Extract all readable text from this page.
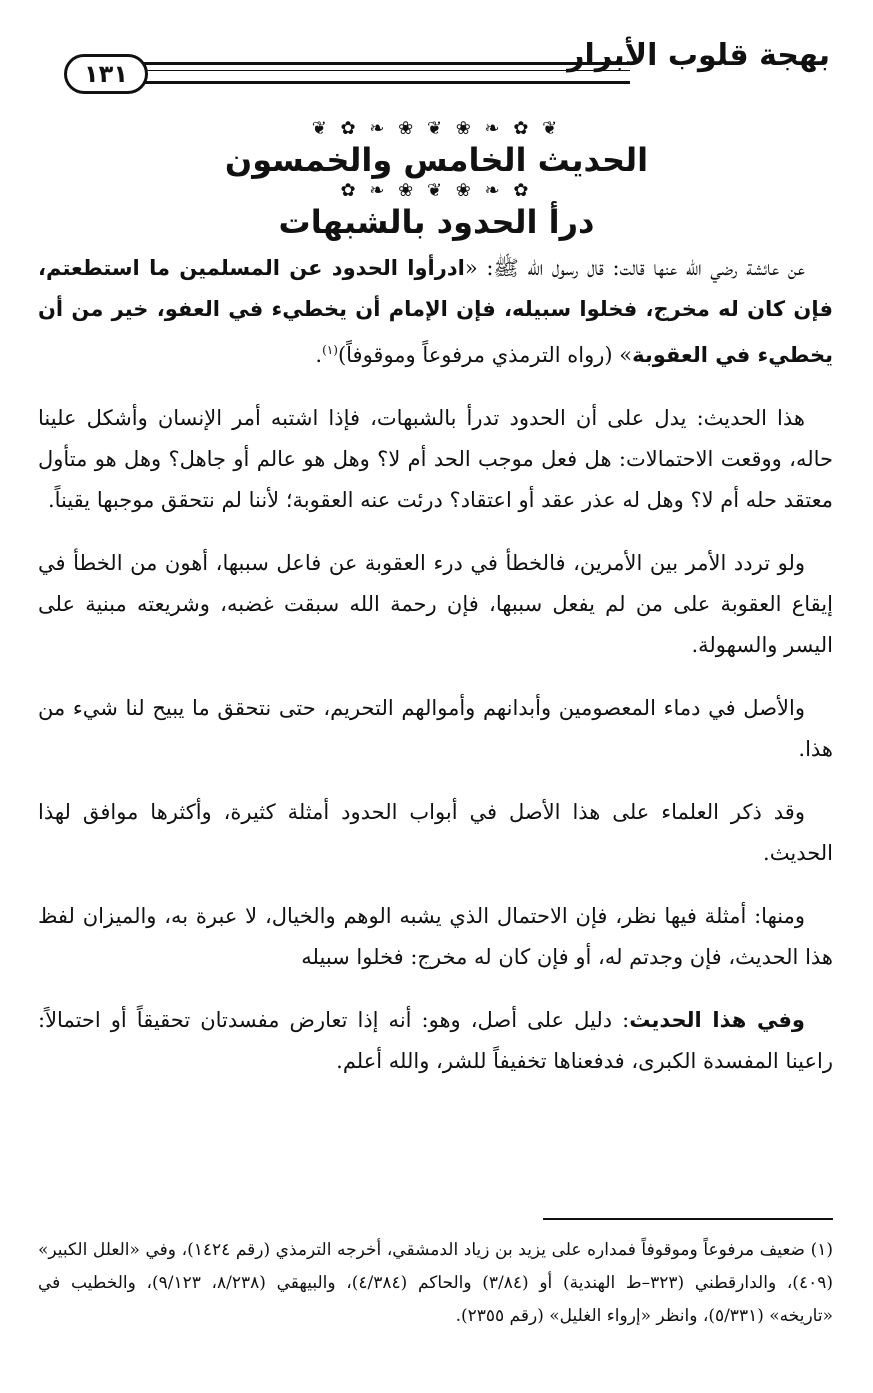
١٣١
بهجة قلوب الأبرار
❦ ✿ ❧ ❀ ❦ ❀ ❧ ✿ ❦
الحديث الخامس والخمسون
✿ ❧ ❀ ❦ ❀ ❧ ✿
درأ الحدود بالشبهات

عن عائشة رضي الله عنها قالت: قال رسول الله ﷺ: «ادرأوا الحدود عن المسلمين ما استطعتم، فإن كان له مخرج، فخلوا سبيله، فإن الإمام أن يخطيء في العفو، خير من أن يخطيء في العقوبة» (رواه الترمذي مرفوعاً وموقوفاً)$^{(١)}$.

هذا الحديث: يدل على أن الحدود تدرأ بالشبهات، فإذا اشتبه أمر الإنسان وأشكل علينا حاله، ووقعت الاحتمالات: هل فعل موجب الحد أم لا؟ وهل هو عالم أو جاهل؟ وهل هو متأول معتقد حله أم لا؟ وهل له عذر عقد أو اعتقاد؟ درئت عنه العقوبة؛ لأننا لم نتحقق موجبها يقيناً.

ولو تردد الأمر بين الأمرين، فالخطأ في درء العقوبة عن فاعل سببها، أهون من الخطأ في إيقاع العقوبة على من لم يفعل سببها، فإن رحمة الله سبقت غضبه، وشريعته مبنية على اليسر والسهولة.

والأصل في دماء المعصومين وأبدانهم وأموالهم التحريم، حتى نتحقق ما يبيح لنا شيء من هذا.

وقد ذكر العلماء على هذا الأصل في أبواب الحدود أمثلة كثيرة، وأكثرها موافق لهذا الحديث.

ومنها: أمثلة فيها نظر، فإن الاحتمال الذي يشبه الوهم والخيال، لا عبرة به، والميزان لفظ هذا الحديث، فإن وجدتم له، أو فإن كان له مخرج: فخلوا سبيله

وفي هذا الحديث: دليل على أصل، وهو: أنه إذا تعارض مفسدتان تحقيقاً أو احتمالاً: راعينا المفسدة الكبرى، فدفعناها تخفيفاً للشر، والله أعلم.

(١) ضعيف مرفوعاً وموقوفاً فمداره على يزيد بن زياد الدمشقي، أخرجه الترمذي (رقم ١٤٢٤)، وفي «العلل الكبير» (٤٠٩)، والدارقطني (٣٢٣–ط الهندية) أو (٣/٨٤) والحاكم (٤/٣٨٤)، والبيهقي (٨/٢٣٨، ٩/١٢٣)، والخطيب في «تاريخه» (٥/٣٣١)، وانظر «إرواء الغليل» (رقم ٢٣٥٥).
